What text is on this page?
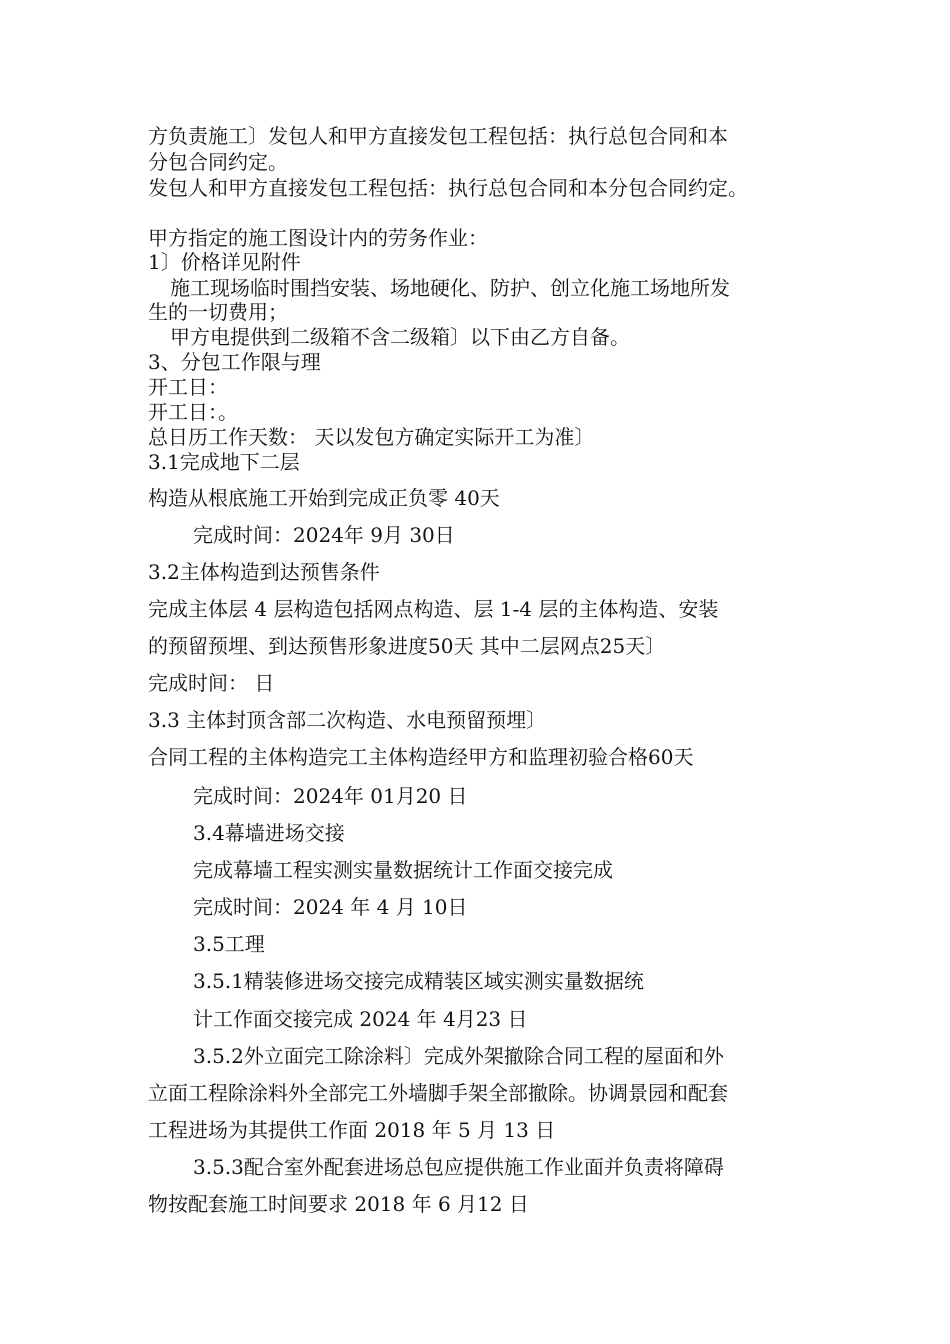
方负责施工〕发包人和甲方直接发包工程包括：执行总包合同和本
分包合同约定。
发包人和甲方直接发包工程包括：执行总包合同和本分包合同约定。
甲方指定的施工图设计内的劳务作业：
1〕价格详见附件
施工现场临时围挡安装、场地硬化、防护、创立化施工场地所发
生的一切费用；
甲方电提供到二级箱不含二级箱〕以下由乙方自备。
3、分包工作限与理
开工日：
开工日：。
总日历工作天数： 天以发包方确定实际开工为准〕
3.1完成地下二层
构造从根底施工开始到完成正负零 40天
完成时间：2024年 9月 30日
3.2主体构造到达预售条件
完成主体层 4 层构造包括网点构造、层 1-4 层的主体构造、安装
的预留预埋、到达预售形象进度50天 其中二层网点25天〕
完成时间： 日
3.3 主体封顶含部二次构造、水电预留预埋〕
合同工程的主体构造完工主体构造经甲方和监理初验合格60天
完成时间：2024年 01月20 日
3.4幕墙进场交接
完成幕墙工程实测实量数据统计工作面交接完成
完成时间：2024 年 4 月 10日
3.5工理
3.5.1精装修进场交接完成精装区域实测实量数据统
计工作面交接完成 2024 年 4月23 日
3.5.2外立面完工除涂料〕完成外架撤除合同工程的屋面和外
立面工程除涂料外全部完工外墙脚手架全部撤除。协调景园和配套
工程进场为其提供工作面 2018 年 5 月 13 日
3.5.3配合室外配套进场总包应提供施工作业面并负责将障碍
物按配套施工时间要求 2018 年 6 月12 日
